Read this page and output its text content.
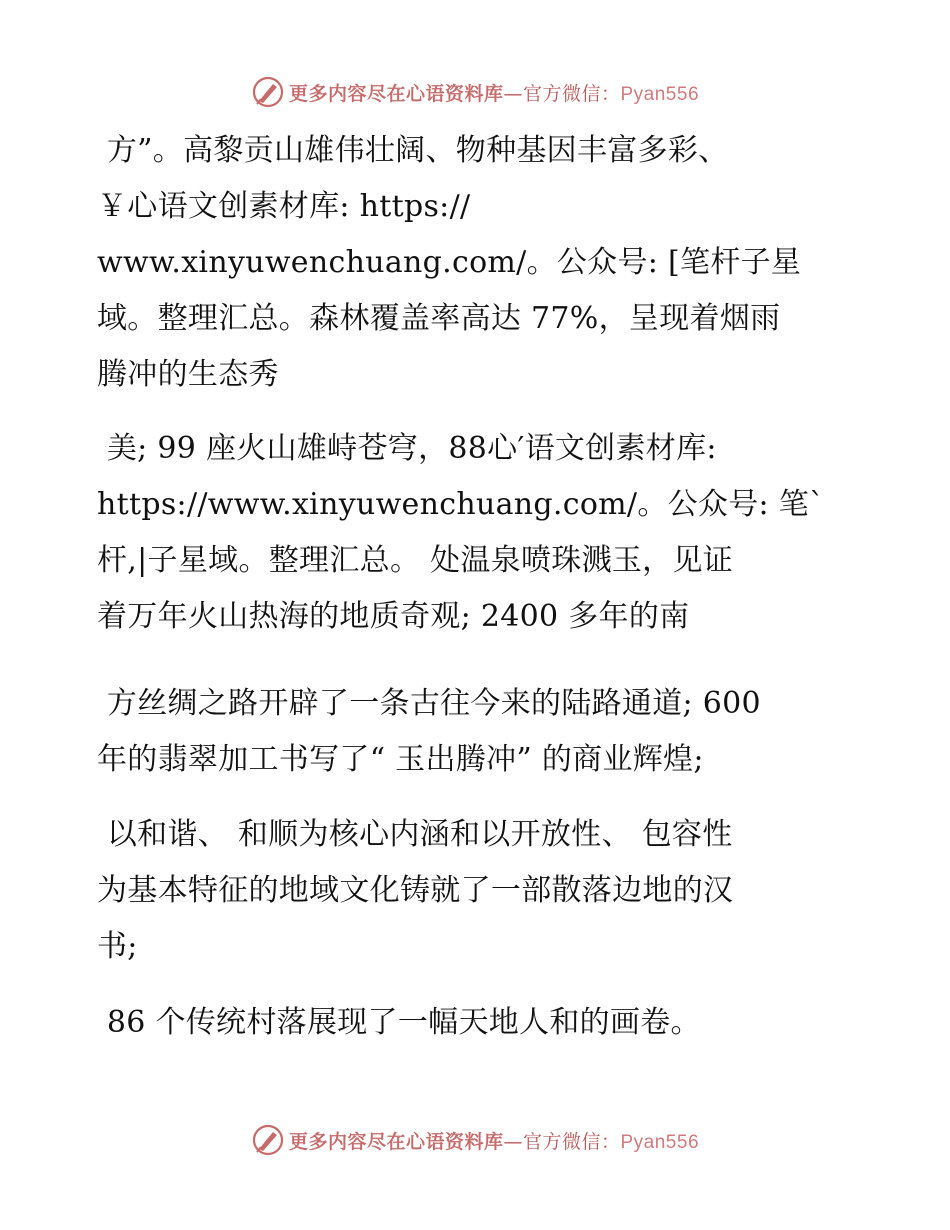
更多内容尽在心语资料库—官方微信：Pyan556
方”。高黎贡山雄伟壮阔、物种基因丰富多彩、
￥心语文创素材库: https://
www.xinyuwenchuang.com/。公众号: [笔杆子星
域。整理汇总。森林覆盖率高达 77%，呈现着烟雨
腾冲的生态秀
美; 99 座火山雄峙苍穹，88心′语文创素材库:
https://www.xinyuwenchuang.com/。公众号: 笔`
杆,|子星域。整理汇总。 处温泉喷珠溅玉，见证
着万年火山热海的地质奇观; 2400 多年的南
方丝绸之路开辟了一条古往今来的陆路通道; 600
年的翡翠加工书写了“ 玉出腾冲” 的商业辉煌;
以和谐、 和顺为核心内涵和以开放性、 包容性
为基本特征的地域文化铸就了一部散落边地的汉
书;
86 个传统村落展现了一幅天地人和的画卷。
更多内容尽在心语资料库—官方微信：Pyan556
